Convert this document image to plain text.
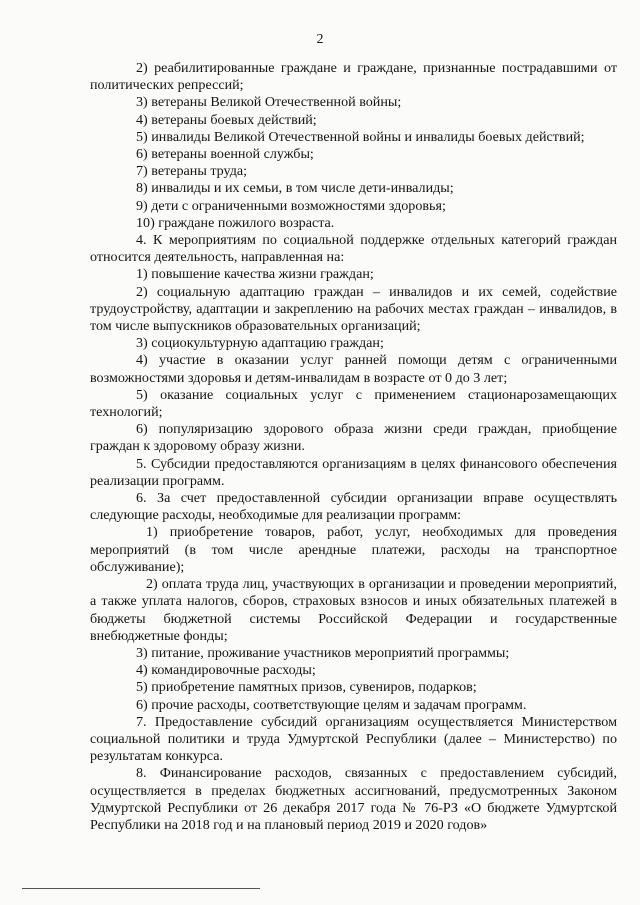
2

2) реабилитированные граждане и граждане, признанные пострадавшими от политических репрессий;

3) ветераны Великой Отечественной войны;

4) ветераны боевых действий;

5) инвалиды Великой Отечественной войны и инвалиды боевых действий;

6) ветераны военной службы;

7) ветераны труда;

8) инвалиды и их семьи, в том числе дети-инвалиды;

9) дети с ограниченными возможностями здоровья;

10) граждане пожилого возраста.

4. К мероприятиям по социальной поддержке отдельных категорий граждан относится деятельность, направленная на:

1) повышение качества жизни граждан;

2) социальную адаптацию граждан – инвалидов и их семей, содействие трудоустройству, адаптации и закреплению на рабочих местах граждан – инвалидов, в том числе выпускников образовательных организаций;

3) социокультурную адаптацию граждан;

4) участие в оказании услуг ранней помощи детям с ограниченными возможностями здоровья и детям-инвалидам в возрасте от 0 до 3 лет;

5) оказание социальных услуг с применением стационарозамещающих технологий;

6) популяризацию здорового образа жизни среди граждан, приобщение граждан к здоровому образу жизни.

5. Субсидии предоставляются организациям в целях финансового обеспечения реализации программ.

6. За счет предоставленной субсидии организации вправе осуществлять следующие расходы, необходимые для реализации программ:

1) приобретение товаров, работ, услуг, необходимых для проведения мероприятий (в том числе арендные платежи, расходы на транспортное обслуживание);

2) оплата труда лиц, участвующих в организации и проведении мероприятий, а также уплата налогов, сборов, страховых взносов и иных обязательных платежей в бюджеты бюджетной системы Российской Федерации и государственные внебюджетные фонды;

3) питание, проживание участников мероприятий программы;

4) командировочные расходы;

5) приобретение памятных призов, сувениров, подарков;

6) прочие расходы, соответствующие целям и задачам программ.

7. Предоставление субсидий организациям осуществляется Министерством социальной политики и труда Удмуртской Республики (далее – Министерство) по результатам конкурса.

8. Финансирование расходов, связанных с предоставлением субсидий, осуществляется в пределах бюджетных ассигнований, предусмотренных Законом Удмуртской Республики от 26 декабря 2017 года № 76-РЗ «О бюджете Удмуртской Республики на 2018 год и на плановый период 2019 и 2020 годов»
